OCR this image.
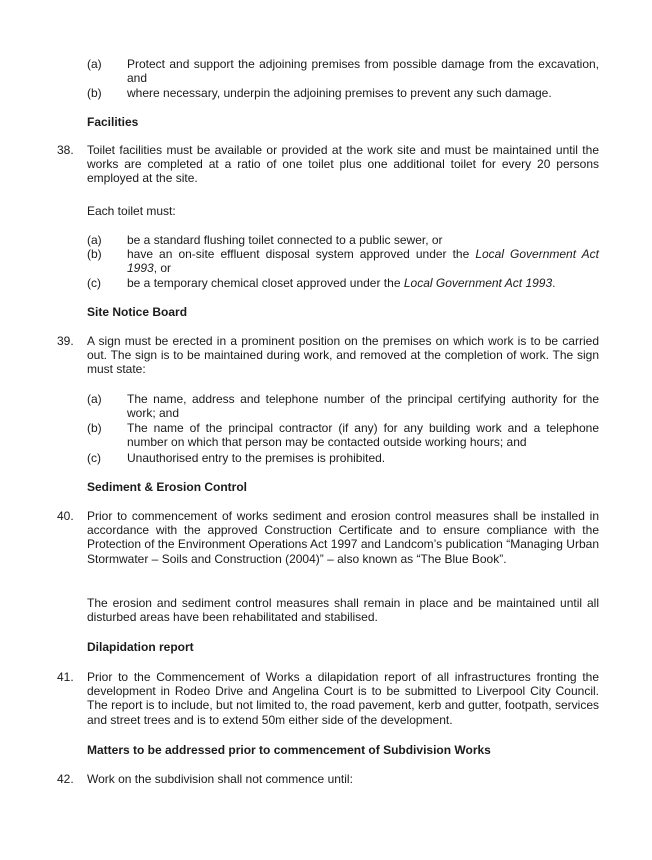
(a) Protect and support the adjoining premises from possible damage from the excavation, and
(b) where necessary, underpin the adjoining premises to prevent any such damage.
Facilities
38. Toilet facilities must be available or provided at the work site and must be maintained until the works are completed at a ratio of one toilet plus one additional toilet for every 20 persons employed at the site.
Each toilet must:
(a) be a standard flushing toilet connected to a public sewer, or
(b) have an on-site effluent disposal system approved under the Local Government Act 1993, or
(c) be a temporary chemical closet approved under the Local Government Act 1993.
Site Notice Board
39. A sign must be erected in a prominent position on the premises on which work is to be carried out. The sign is to be maintained during work, and removed at the completion of work. The sign must state:
(a) The name, address and telephone number of the principal certifying authority for the work; and
(b) The name of the principal contractor (if any) for any building work and a telephone number on which that person may be contacted outside working hours; and
(c) Unauthorised entry to the premises is prohibited.
Sediment & Erosion Control
40. Prior to commencement of works sediment and erosion control measures shall be installed in accordance with the approved Construction Certificate and to ensure compliance with the Protection of the Environment Operations Act 1997 and Landcom’s publication “Managing Urban Stormwater – Soils and Construction (2004)” – also known as “The Blue Book”.
The erosion and sediment control measures shall remain in place and be maintained until all disturbed areas have been rehabilitated and stabilised.
Dilapidation report
41. Prior to the Commencement of Works a dilapidation report of all infrastructures fronting the development in Rodeo Drive and Angelina Court is to be submitted to Liverpool City Council. The report is to include, but not limited to, the road pavement, kerb and gutter, footpath, services and street trees and is to extend 50m either side of the development.
Matters to be addressed prior to commencement of Subdivision Works
42. Work on the subdivision shall not commence until:
